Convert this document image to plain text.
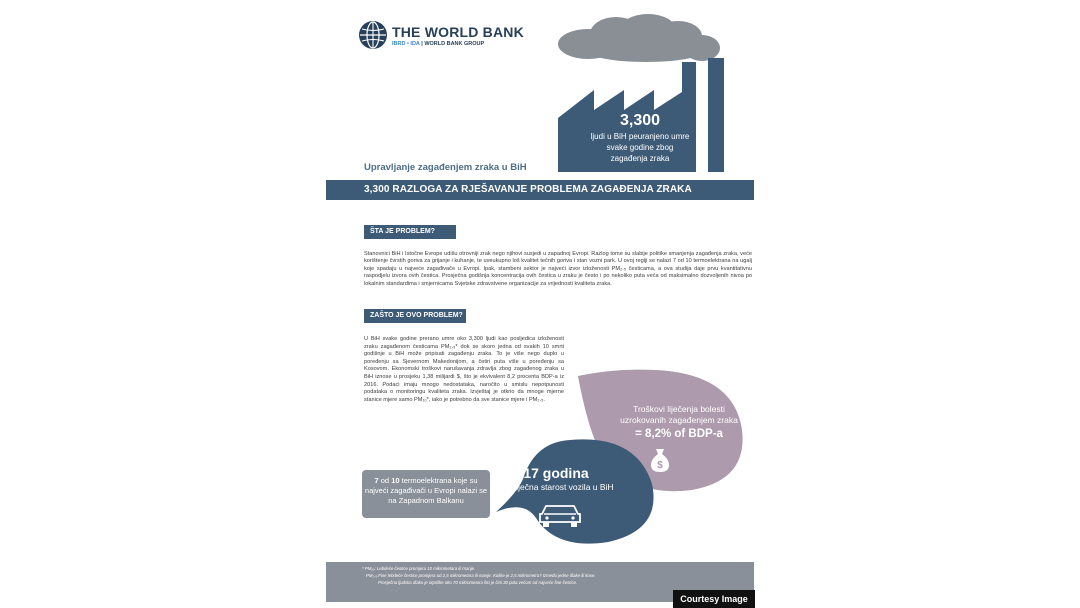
THE WORLD BANK
IBRD • IDA | WORLD BANK GROUP
3,300
ljudi u BiH peuranjeno umre svake godine zbog zagađenja zraka
Upravljanje zagađenjem zraka u BiH
3,300 RAZLOGA ZA RJEŠAVANJE PROBLEMA ZAGAĐENJA ZRAKA
ŠTA JE PROBLEM?
Stanovnici BiH i Istočne Evrope udišu otrovniji zrak nego njihovi susjedi u zapadnoj Evropi. Razlog tome su slabije politike smanjenja zagađenja zraka, veće korištenje čvrstih goriva za grijanje i kuhanje, te uveukupno loš kvalitet tečnih goriva i starı vozni park. U ovoj regiji se nalazi 7 od 10 termoelektrana na ugalj koje spadaju u najveće zagađivače u Evropi. Ipak, stambeni sektor je najveći izvor izloženosti PM₂.₅ česticama, a ova studija daje prvu kvantitativnu raspodjelu izvora ovih čestica. Prosječna godišnja koncentracija ovih čestica u zraku je često i po nekoliko puta veća od maksimalno dozvoljenih nivoa po lokalnim standardima i smjernicama Svjetske zdravstvene organizacije za vrijednosti kvaliteta zraka.
ZAŠTO JE OVO PROBLEM?
U BiH svake godine prerano umre oko 3,300 ljudi kao posljedica izloženosti zraku zagađenom česticama PM₂.₅* dok se skoro jedna od svakih 10 smrti godišnje u BiH može pripisati zagađenju zraka. To je više nego duplo u poređenju sa Sjevernom Makedonijom, a četiri puta više u poređenju sa Kosovom. Ekonomski troškovi narušavanja zdravlja zbog zagađenog zraka u BiH iznose u prosjeku 1,38 milijardi $, što je ekvivalent 8,2 procenta BDP-a iz 2016. Podaci imaju mnogo nedostataka, naročito u smislu nepotpunosti podataka o monitoringu kvaliteta zraka. Izvještaj je otkrio da mnoge mjerne stanice mjere samo PM₁₀*, iako je potrebno da sve stanice mjere i PM₂.₅.
Troškovi liječenja bolesti uzrokovanih zagađenjem zraka
= 8,2% of BDP-a
$
17 godina
- prosječna starost vozila u BiH
7 od 10 termoelektrana koje su najveći zagađivači u Evropi nalazi se na Zapadnom Balkanu
* PM₁₀: Lebdeće čestice promjera 10 mikrometara ili manje.
PM₂.₅:Fine lebdeće čestice promjera od 2,5 mikrometara ili manje. Kolike je 2,5 mikrometra? Između jedne dlake ili kose.
Prosječna ljudska dlaka je otprilike oko 70 mikrometara što je čini 30 puta većom od najveće fine čestice.
Courtesy Image
